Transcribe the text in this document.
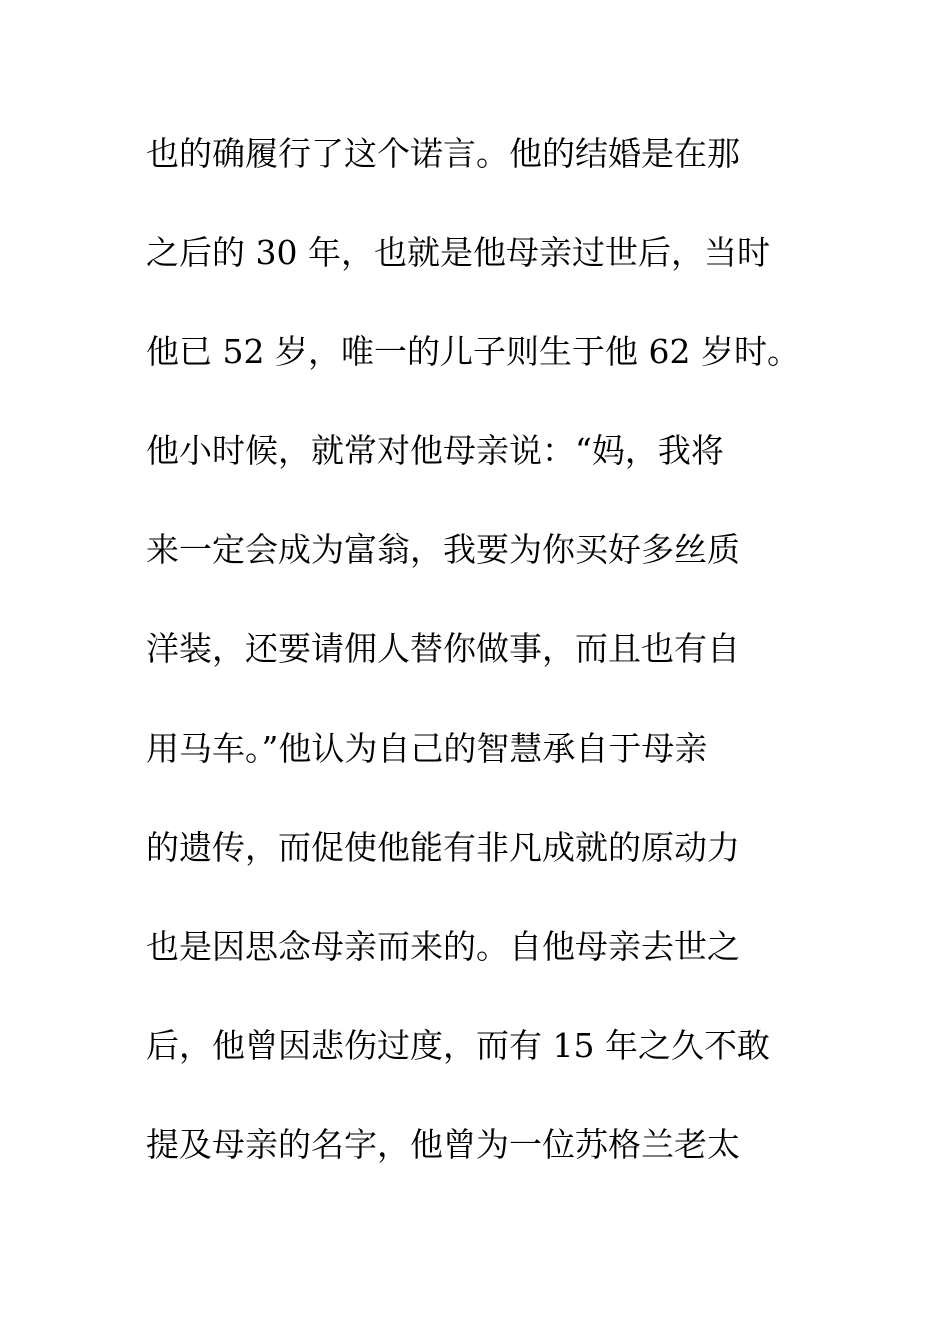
也的确履行了这个诺言。他的结婚是在那
之后的 30 年，也就是他母亲过世后，当时
他已 52 岁，唯一的儿子则生于他 62 岁时。
他小时候，就常对他母亲说：“妈，我将
来一定会成为富翁，我要为你买好多丝质
洋装，还要请佣人替你做事，而且也有自
用马车。”他认为自己的智慧承自于母亲
的遗传，而促使他能有非凡成就的原动力
也是因思念母亲而来的。自他母亲去世之
后，他曾因悲伤过度，而有 15 年之久不敢
提及母亲的名字，他曾为一位苏格兰老太
